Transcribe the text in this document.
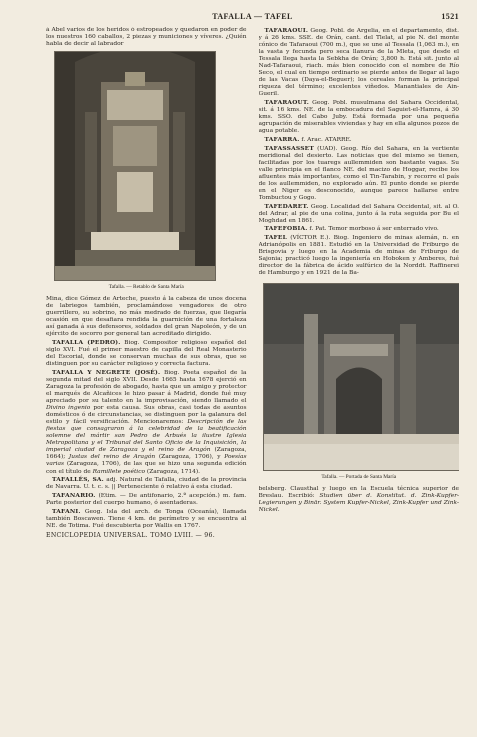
TAFALLA — TAFEL	1521

á Abel varios de los heridos ó estropeados y quedaron en poder de los nuestros 160 caballos, 2 piezas y municiones y víveres. ¿Quién habla de decir al labrador

Tafalla. — Retablo de Santa María

Mina, dice Gómez de Arteche, puesto á la cabeza de unos docena de labriegos también, proclamándose vengadores de otro guerrillero, su sobrino, no más medrado de fuerzas, que llegaría ocasión en que desafiara rendida la guarnición de una fortaleza así ganada á sus defensores, soldados del gran Napoleón, y de un ejército de socorro por general tan acreditado dirigido.

TAFALLA (PEDRO). Biog. Compositor religioso español del siglo XVI. Fué el primer maestro de capilla del Real Monasterio del Escorial, donde se conservan muchas de sus obras, que se distinguen por su carácter religioso y correcta factura.

TAFALLA Y NEGRETE (JOSÉ). Biog. Poeta español de la segunda mitad del siglo XVII. Desde 1665 hasta 1678 ejerció en Zaragoza la profesión de abogado, hasta que un amigo y protector el marqués de Alcañices le hizo pasar á Madrid, donde fué muy apreciado por su talento en la improvisación, siendo llamado el Divino ingenio por esta causa. Sus obras, casi todas de asuntos domésticos ó de circunstancias, se distinguen por la galanura del estilo y fácil versificación. Mencionaremos: Descripción de las fiestas que consagraron á la celebridad de la beatificación solemne del mártir san Pedro de Arbués la ilustre Iglesia Metropolitana y el Tribunal del Santo Oficio de la Inquisición, la imperial ciudad de Zaragoza y el reino de Aragón (Zaragoza, 1664); Justas del reino de Aragón (Zaragoza, 1706), y Poesías varias (Zaragoza, 1706), de las que se hizo una segunda edición con el título de Ramillete poético (Zaragoza, 1714).

TAFALLÉS, SA. adj. Natural de Tafalla, ciudad de la provincia de Navarra. U. t. c. s. || Perteneciente ó relativo á esta ciudad.

TAFANARIO. (Etim. — De antifonario, 2.ª acepción.) m. fam. Parte posterior del cuerpo humano, ó asentaderas.

TAFANI. Geog. Isla del arch. de Tonga (Oceanía), llamada también Boscawen. Tiene 4 km. de perímetro y se encuentra al NE. de Totima. Fué descubierta por Wallis en 1767.

ENCICLOPEDIA UNIVERSAL. TOMO LVIII. — 96.

TAFARAOUI. Geog. Pobl. de Argelia, en el departamento, dist. y á 26 kms. SSE. de Orán, cant. del Tlelat, al pie N. del monte cónico de Tafaraoui (700 m.), que se une al Tessala (1,063 m.), en la vasta y fecunda pero seca llanura de la Mleta, que desde el Tessala llega hasta la Sebkha de Orán; 3,800 h. Está sit. junto al Nad-Tafaraoui, riach. más bien conocido con el nombre de Río Seco, el cual en tiempo ordinario se pierde antes de llegar al lago de las Vacas (Daya-el-Beguer); los cereales forman la principal riqueza del término; excelentes viñedos. Manantiales de Ain-Gueril.

TAFARAOUT. Geog. Pobl. musulmana del Sahara Occidental, sit. á 16 kms. NE. de la embocadura del Saguiet-el-Hamra, á 30 kms. SSO. del Cabo Juby. Está formada por una pequeña agrupación de miserables viviendas y hay en ella algunos pozos de agua potable.

TAFARRA. f. Arac. ATARRE.

TAFASSASSET (UAD). Geog. Río del Sahara, en la vertiente meridional del desierto. Las noticias que del mismo se tienen, facilitadas por los tuaregs aullemmiden son bastante vagas. Su valle principia en el flanco NE. del macizo de Hoggar, recibe los afluentes más importantes, como el Tin-Tarabin, y recorre el país de los aullemmiden, no explorado aún. El punto donde se pierde en el Niger es desconocido, aunque parece hallarse entre Tombuctou y Gogo.

TAFEDARET. Geog. Localidad del Sahara Occidental, sit. al O. del Adrar, al pie de una colina, junto á la ruta seguida por Bu el Moghdad en 1861.

TAFEFOBIA. f. Pat. Temor morboso á ser enterrado vivo.

TAFEL (VÍCTOR E.). Biog. Ingeniero de minas alemán, n. en Adrianópolis en 1881. Estudió en la Universidad de Friburgo de Brisgovia y luego en la Academia de minas de Friburgo de Sajonia; practicó luego la ingeniería en Hoboken y Amberes, fué director de la fábrica de ácido sulfúrico de la Norddt. Raffinerei de Hamburgo y en 1921 de la Ba-

Tafalla. — Portada de Santa María

belsberg. Clausthal y luego en la Escuela técnica superior de Breslau. Escribió: Studien über d. Konstitut. d. Zink-Kupfer-Legierungen y Binär. System Kupfer-Nickel, Zink-Kupfer und Zink-Nickel.
